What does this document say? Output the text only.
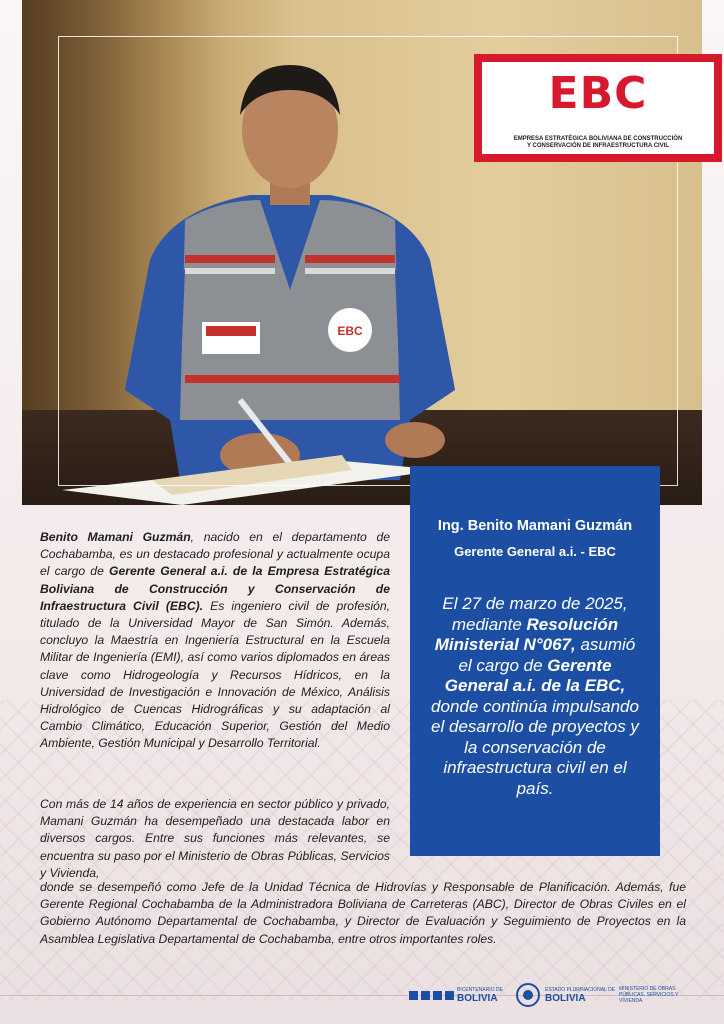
EBC
EBC
EMPRESA ESTRATÉGICA BOLIVIANA DE CONSTRUCCIÓN
Y CONSERVACIÓN DE INFRAESTRUCTURA CIVIL
Ing. Benito Mamani Guzmán
Gerente General a.i. - EBC
El 27 de marzo de 2025, mediante Resolución Ministerial N°067, asumió el cargo de Gerente General a.i. de la EBC, donde continúa impulsando el desarrollo de proyectos y la conservación de infraestructura civil en el país.

Benito Mamani Guzmán, nacido en el departamento de Cochabamba, es un destacado profesional y actualmente ocupa el cargo de Gerente General a.i. de la Empresa Estratégica Boliviana de Construcción y Conservación de Infraestructura Civil (EBC). Es ingeniero civil de profesión, titulado de la Universidad Mayor de San Simón. Además, concluyo la Maestría en Ingeniería Estructural en la Escuela Militar de Ingeniería (EMI), así como varios diplomados en áreas clave como Hidrogeología y Recursos Hídricos, en la Universidad de Investigación e Innovación de México, Análisis Hidrológico de Cuencas Hidrográficas y su adaptación al Cambio Climático, Educación Superior, Gestión del Medio Ambiente, Gestión Municipal y Desarrollo Territorial.

Con más de 14 años de experiencia en sector público y privado, Mamani Guzmán ha desempeñado una destacada labor en diversos cargos. Entre sus funciones más relevantes, se encuentra su paso por el Ministerio de Obras Públicas, Servicios y Vivienda,
donde se desempeñó como Jefe de la Unidad Técnica de Hidrovías y Responsable de Planificación. Además, fue Gerente Regional Cochabamba de la Administradora Boliviana de Carreteras (ABC), Director de Obras Civiles en el Gobierno Autónomo Departamental de Cochabamba, y Director de Evaluación y Seguimiento de Proyectos en la Asamblea Legislativa Departamental de Cochabamba, entre otros importantes roles.
BICENTENARIO DE
BOLIVIA
ESTADO PLURINACIONAL DE
BOLIVIA
MINISTERIO DE OBRAS PÚBLICAS, SERVICIOS Y VIVIENDA
